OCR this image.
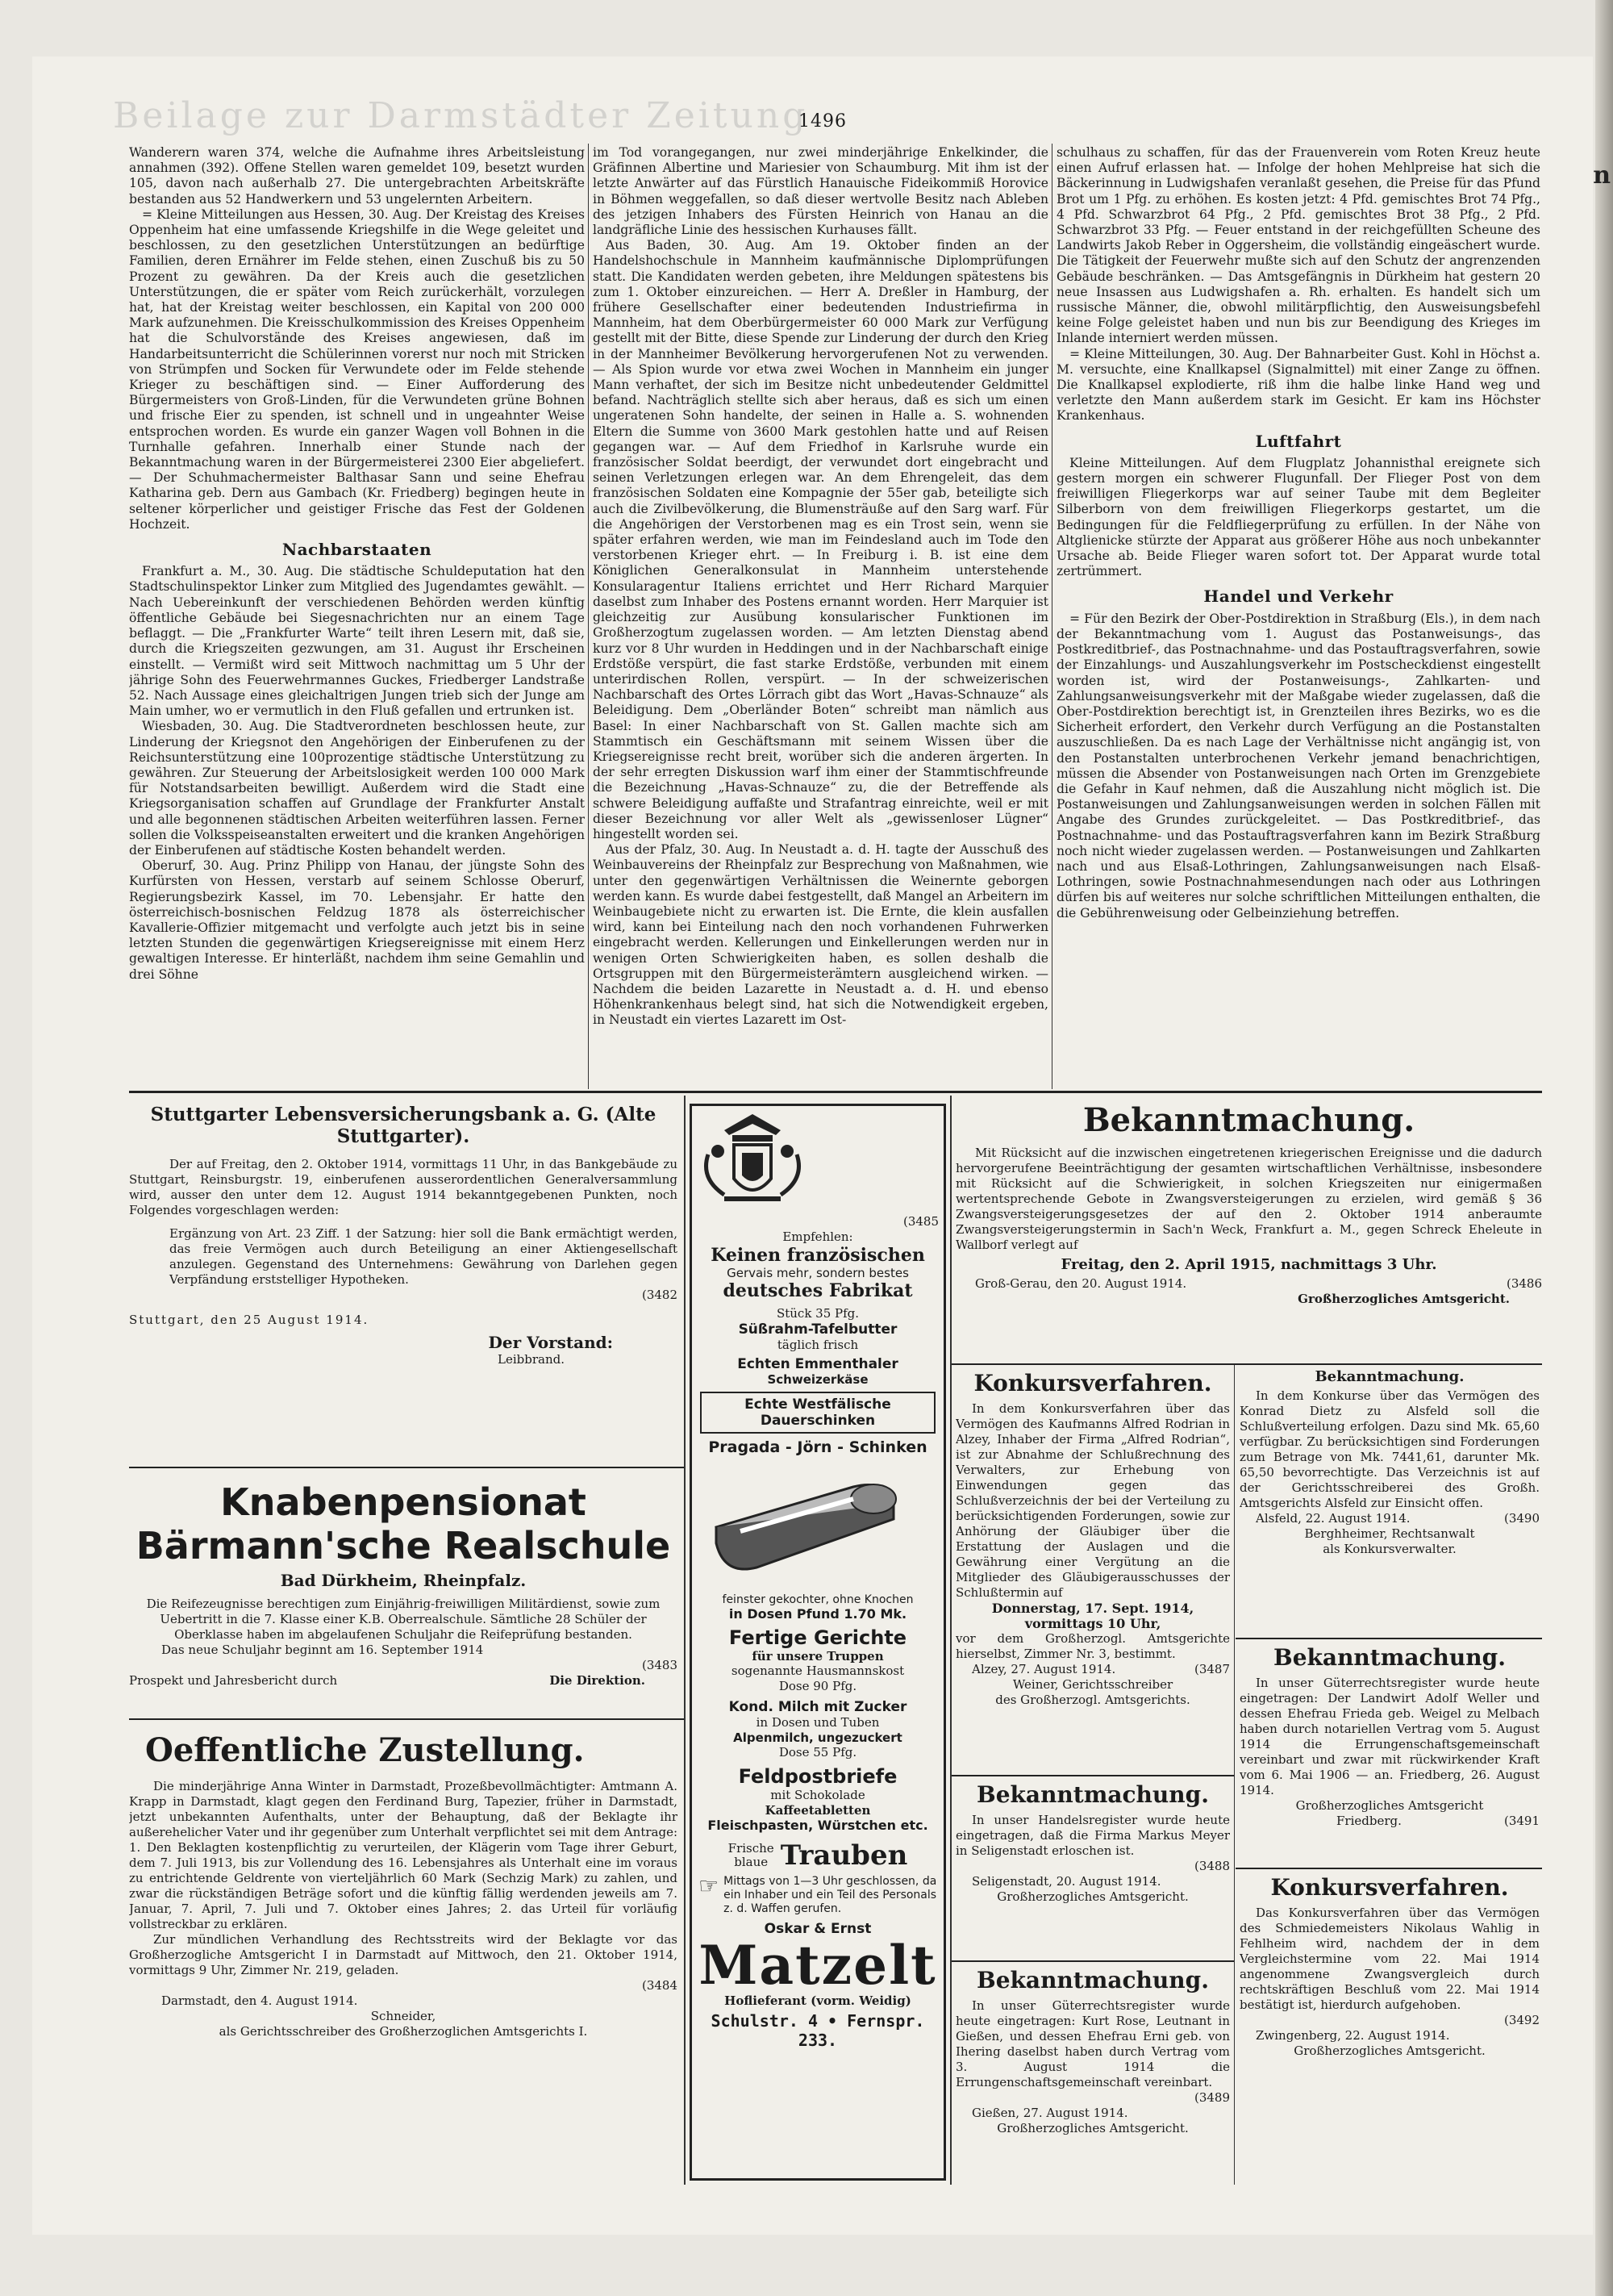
Beilage zur Darmstädter Zeitung
n
1496

Wanderern waren 374, welche die Aufnahme ihres Arbeitsleistung annahmen (392). Offene Stellen waren gemeldet 109, besetzt wurden 105, davon nach außerhalb 27. Die untergebrachten Arbeitskräfte bestanden aus 52 Handwerkern und 53 ungelernten Arbeitern.

= Kleine Mitteilungen aus Hessen, 30. Aug. Der Kreistag des Kreises Oppenheim hat eine umfassende Kriegshilfe in die Wege geleitet und beschlossen, zu den gesetzlichen Unterstützungen an bedürftige Familien, deren Ernährer im Felde stehen, einen Zuschuß bis zu 50 Prozent zu gewähren. Da der Kreis auch die gesetzlichen Unterstützungen, die er später vom Reich zurückerhält, vorzulegen hat, hat der Kreistag weiter beschlossen, ein Kapital von 200 000 Mark aufzunehmen. Die Kreisschulkommission des Kreises Oppenheim hat die Schulvorstände des Kreises angewiesen, daß im Handarbeitsunterricht die Schülerinnen vorerst nur noch mit Stricken von Strümpfen und Socken für Verwundete oder im Felde stehende Krieger zu beschäftigen sind. — Einer Aufforderung des Bürgermeisters von Groß-Linden, für die Verwundeten grüne Bohnen und frische Eier zu spenden, ist schnell und in ungeahnter Weise entsprochen worden. Es wurde ein ganzer Wagen voll Bohnen in die Turnhalle gefahren. Innerhalb einer Stunde nach der Bekanntmachung waren in der Bürgermeisterei 2300 Eier abgeliefert. — Der Schuhmachermeister Balthasar Sann und seine Ehefrau Katharina geb. Dern aus Gambach (Kr. Friedberg) begingen heute in seltener körperlicher und geistiger Frische das Fest der Goldenen Hochzeit.

Nachbarstaaten

Frankfurt a. M., 30. Aug. Die städtische Schuldeputation hat den Stadtschulinspektor Linker zum Mitglied des Jugendamtes gewählt. — Nach Uebereinkunft der verschiedenen Behörden werden künftig öffentliche Gebäude bei Siegesnachrichten nur an einem Tage beflaggt. — Die „Frankfurter Warte“ teilt ihren Lesern mit, daß sie, durch die Kriegszeiten gezwungen, am 31. August ihr Erscheinen einstellt. — Vermißt wird seit Mittwoch nachmittag um 5 Uhr der jährige Sohn des Feuerwehrmannes Guckes, Friedberger Landstraße 52. Nach Aussage eines gleichaltrigen Jungen trieb sich der Junge am Main umher, wo er vermutlich in den Fluß gefallen und ertrunken ist.

Wiesbaden, 30. Aug. Die Stadtverordneten beschlossen heute, zur Linderung der Kriegsnot den Angehörigen der Einberufenen zu der Reichsunterstützung eine 100prozentige städtische Unterstützung zu gewähren. Zur Steuerung der Arbeitslosigkeit werden 100 000 Mark für Notstandsarbeiten bewilligt. Außerdem wird die Stadt eine Kriegsorganisation schaffen auf Grundlage der Frankfurter Anstalt und alle begonnenen städtischen Arbeiten weiterführen lassen. Ferner sollen die Volksspeiseanstalten erweitert und die kranken Angehörigen der Einberufenen auf städtische Kosten behandelt werden.

Oberurf, 30. Aug. Prinz Philipp von Hanau, der jüngste Sohn des Kurfürsten von Hessen, verstarb auf seinem Schlosse Oberurf, Regierungsbezirk Kassel, im 70. Lebensjahr. Er hatte den österreichisch-bosnischen Feldzug 1878 als österreichischer Kavallerie-Offizier mitgemacht und verfolgte auch jetzt bis in seine letzten Stunden die gegenwärtigen Kriegsereignisse mit einem Herz gewaltigen Interesse. Er hinterläßt, nachdem ihm seine Gemahlin und drei Söhne

im Tod vorangegangen, nur zwei minderjährige Enkelkinder, die Gräfinnen Albertine und Mariesier von Schaumburg. Mit ihm ist der letzte Anwärter auf das Fürstlich Hanauische Fideikommiß Horovice in Böhmen weggefallen, so daß dieser wertvolle Besitz nach Ableben des jetzigen Inhabers des Fürsten Heinrich von Hanau an die landgräfliche Linie des hessischen Kurhauses fällt.

Aus Baden, 30. Aug. Am 19. Oktober finden an der Handelshochschule in Mannheim kaufmännische Diplomprüfungen statt. Die Kandidaten werden gebeten, ihre Meldungen spätestens bis zum 1. Oktober einzureichen. — Herr A. Dreßler in Hamburg, der frühere Gesellschafter einer bedeutenden Industriefirma in Mannheim, hat dem Oberbürgermeister 60 000 Mark zur Verfügung gestellt mit der Bitte, diese Spende zur Linderung der durch den Krieg in der Mannheimer Bevölkerung hervorgerufenen Not zu verwenden. — Als Spion wurde vor etwa zwei Wochen in Mannheim ein junger Mann verhaftet, der sich im Besitze nicht unbedeutender Geldmittel befand. Nachträglich stellte sich aber heraus, daß es sich um einen ungeratenen Sohn handelte, der seinen in Halle a. S. wohnenden Eltern die Summe von 3600 Mark gestohlen hatte und auf Reisen gegangen war. — Auf dem Friedhof in Karlsruhe wurde ein französischer Soldat beerdigt, der verwundet dort eingebracht und seinen Verletzungen erlegen war. An dem Ehrengeleit, das dem französischen Soldaten eine Kompagnie der 55er gab, beteiligte sich auch die Zivilbevölkerung, die Blumensträuße auf den Sarg warf. Für die Angehörigen der Verstorbenen mag es ein Trost sein, wenn sie später erfahren werden, wie man im Feindesland auch im Tode den verstorbenen Krieger ehrt. — In Freiburg i. B. ist eine dem Königlichen Generalkonsulat in Mannheim unterstehende Konsularagentur Italiens errichtet und Herr Richard Marquier daselbst zum Inhaber des Postens ernannt worden. Herr Marquier ist gleichzeitig zur Ausübung konsularischer Funktionen im Großherzogtum zugelassen worden. — Am letzten Dienstag abend kurz vor 8 Uhr wurden in Heddingen und in der Nachbarschaft einige Erdstöße verspürt, die fast starke Erdstöße, verbunden mit einem unterirdischen Rollen, verspürt. — In der schweizerischen Nachbarschaft des Ortes Lörrach gibt das Wort „Havas-Schnauze“ als Beleidigung. Dem „Oberländer Boten“ schreibt man nämlich aus Basel: In einer Nachbarschaft von St. Gallen machte sich am Stammtisch ein Geschäftsmann mit seinem Wissen über die Kriegsereignisse recht breit, worüber sich die anderen ärgerten. In der sehr erregten Diskussion warf ihm einer der Stammtischfreunde die Bezeichnung „Havas-Schnauze“ zu, die der Betreffende als schwere Beleidigung auffaßte und Strafantrag einreichte, weil er mit dieser Bezeichnung vor aller Welt als „gewissenloser Lügner“ hingestellt worden sei.

Aus der Pfalz, 30. Aug. In Neustadt a. d. H. tagte der Ausschuß des Weinbauvereins der Rheinpfalz zur Besprechung von Maßnahmen, wie unter den gegenwärtigen Verhältnissen die Weinernte geborgen werden kann. Es wurde dabei festgestellt, daß Mangel an Arbeitern im Weinbaugebiete nicht zu erwarten ist. Die Ernte, die klein ausfallen wird, kann bei Einteilung nach den noch vorhandenen Fuhrwerken eingebracht werden. Kellerungen und Einkellerungen werden nur in wenigen Orten Schwierigkeiten haben, es sollen deshalb die Ortsgruppen mit den Bürgermeisterämtern ausgleichend wirken. — Nachdem die beiden Lazarette in Neustadt a. d. H. und ebenso Höhenkrankenhaus belegt sind, hat sich die Notwendigkeit ergeben, in Neustadt ein viertes Lazarett im Ost-

schulhaus zu schaffen, für das der Frauenverein vom Roten Kreuz heute einen Aufruf erlassen hat. — Infolge der hohen Mehlpreise hat sich die Bäckerinnung in Ludwigshafen veranlaßt gesehen, die Preise für das Pfund Brot um 1 Pfg. zu erhöhen. Es kosten jetzt: 4 Pfd. gemischtes Brot 74 Pfg., 4 Pfd. Schwarzbrot 64 Pfg., 2 Pfd. gemischtes Brot 38 Pfg., 2 Pfd. Schwarzbrot 33 Pfg. — Feuer entstand in der reichgefüllten Scheune des Landwirts Jakob Reber in Oggersheim, die vollständig eingeäschert wurde. Die Tätigkeit der Feuerwehr mußte sich auf den Schutz der angrenzenden Gebäude beschränken. — Das Amtsgefängnis in Dürkheim hat gestern 20 neue Insassen aus Ludwigshafen a. Rh. erhalten. Es handelt sich um russische Männer, die, obwohl militärpflichtig, den Ausweisungsbefehl keine Folge geleistet haben und nun bis zur Beendigung des Krieges im Inlande interniert werden müssen.

= Kleine Mitteilungen, 30. Aug. Der Bahnarbeiter Gust. Kohl in Höchst a. M. versuchte, eine Knallkapsel (Signalmittel) mit einer Zange zu öffnen. Die Knallkapsel explodierte, riß ihm die halbe linke Hand weg und verletzte den Mann außerdem stark im Gesicht. Er kam ins Höchster Krankenhaus.

Luftfahrt

Kleine Mitteilungen. Auf dem Flugplatz Johannisthal ereignete sich gestern morgen ein schwerer Flugunfall. Der Flieger Post von dem freiwilligen Fliegerkorps war auf seiner Taube mit dem Begleiter Silberborn von dem freiwilligen Fliegerkorps gestartet, um die Bedingungen für die Feldfliegerprüfung zu erfüllen. In der Nähe von Altglienicke stürzte der Apparat aus größerer Höhe aus noch unbekannter Ursache ab. Beide Flieger waren sofort tot. Der Apparat wurde total zertrümmert.

Handel und Verkehr

= Für den Bezirk der Ober-Postdirektion in Straßburg (Els.), in dem nach der Bekanntmachung vom 1. August das Postanweisungs-, das Postkreditbrief-, das Postnachnahme- und das Postauftragsverfahren, sowie der Einzahlungs- und Auszahlungsverkehr im Postscheckdienst eingestellt worden ist, wird der Postanweisungs-, Zahlkarten- und Zahlungsanweisungsverkehr mit der Maßgabe wieder zugelassen, daß die Ober-Postdirektion berechtigt ist, in Grenzteilen ihres Bezirks, wo es die Sicherheit erfordert, den Verkehr durch Verfügung an die Postanstalten auszuschließen. Da es nach Lage der Verhältnisse nicht angängig ist, von den Postanstalten unterbrochenen Verkehr jemand benachrichtigen, müssen die Absender von Postanweisungen nach Orten im Grenzgebiete die Gefahr in Kauf nehmen, daß die Auszahlung nicht möglich ist. Die Postanweisungen und Zahlungsanweisungen werden in solchen Fällen mit Angabe des Grundes zurückgeleitet. — Das Postkreditbrief-, das Postnachnahme- und das Postauftragsverfahren kann im Bezirk Straßburg noch nicht wieder zugelassen werden. — Postanweisungen und Zahlkarten nach und aus Elsaß-Lothringen, Zahlungsanweisungen nach Elsaß-Lothringen, sowie Postnachnahmesendungen nach oder aus Lothringen dürfen bis auf weiteres nur solche schriftlichen Mitteilungen enthalten, die die Gebührenweisung oder Gelbeinziehung betreffen.

Stuttgarter Lebensversicherungsbank a. G. (Alte Stuttgarter).

Der auf Freitag, den 2. Oktober 1914, vormittags 11 Uhr, in das Bankgebäude zu Stuttgart, Reinsburgstr. 19, einberufenen ausserordentlichen Generalversammlung wird, ausser den unter dem 12. August 1914 bekanntgegebenen Punkten, noch Folgendes vorgeschlagen werden:

Ergänzung von Art. 23 Ziff. 1 der Satzung: hier soll die Bank ermächtigt werden, das freie Vermögen auch durch Beteiligung an einer Aktiengesellschaft anzulegen. Gegenstand des Unternehmens: Gewährung von Darlehen gegen Verpfändung erststelliger Hypotheken.

(3482
Stuttgart, den 25 August 1914.
Der Vorstand:
Leibbrand.
Knabenpensionat
Bärmann'sche Realschule
Bad Dürkheim, Rheinpfalz.

Die Reifezeugnisse berechtigen zum Einjährig-freiwilligen Militärdienst, sowie zum Uebertritt in die 7. Klasse einer K.B. Oberrealschule. Sämtliche 28 Schüler der Oberklasse haben im abgelaufenen Schuljahr die Reifeprüfung bestanden.

Das neue Schuljahr beginnt am 16. September 1914
(3483
Prospekt und Jahresbericht durch	Die Direktion.
Oeffentliche Zustellung.

Die minderjährige Anna Winter in Darmstadt, Prozeßbevollmächtigter: Amtmann A. Krapp in Darmstadt, klagt gegen den Ferdinand Burg, Tapezier, früher in Darmstadt, jetzt unbekannten Aufenthalts, unter der Behauptung, daß der Beklagte ihr außerehelicher Vater und ihr gegenüber zum Unterhalt verpflichtet sei mit dem Antrage: 1. Den Beklagten kostenpflichtig zu verurteilen, der Klägerin vom Tage ihrer Geburt, dem 7. Juli 1913, bis zur Vollendung des 16. Lebensjahres als Unterhalt eine im voraus zu entrichtende Geldrente von vierteljährlich 60 Mark (Sechzig Mark) zu zahlen, und zwar die rückständigen Beträge sofort und die künftig fällig werdenden jeweils am 7. Januar, 7. April, 7. Juli und 7. Oktober eines Jahres; 2. das Urteil für vorläufig vollstreckbar zu erklären.

Zur mündlichen Verhandlung des Rechtsstreits wird der Beklagte vor das Großherzogliche Amtsgericht I in Darmstadt auf Mittwoch, den 21. Oktober 1914, vormittags 9 Uhr, Zimmer Nr. 219, geladen.

(3484
Darmstadt, den 4. August 1914.
Schneider,
als Gerichtsschreiber des Großherzoglichen Amtsgerichts I.
(3485
Empfehlen:
Keinen französischen
Gervais mehr, sondern bestes
deutsches Fabrikat
Stück 35 Pfg.
Süßrahm-Tafelbutter
täglich frisch
Echten Emmenthaler
Schweizerkäse
Echte Westfälische
Dauerschinken
Pragada - Jörn - Schinken
feinster gekochter, ohne Knochen
in Dosen Pfund 1.70 Mk.
Fertige Gerichte
für unsere Truppen
sogenannte Hausmannskost
Dose 90 Pfg.
Kond. Milch mit Zucker
in Dosen und Tuben
Alpenmilch, ungezuckert
Dose 55 Pfg.
Feldpostbriefe
mit Schokolade
Kaffeetabletten
Fleischpasten, Würstchen etc.
Frische
blaue Trauben
☞ Mittags von 1—3 Uhr geschlossen, da ein Inhaber und ein Teil des Personals z. d. Waffen gerufen.
Oskar & Ernst
Matzelt
Hoflieferant (vorm. Weidig)
Schulstr. 4 • Fernspr. 233.
Bekanntmachung.

Mit Rücksicht auf die inzwischen eingetretenen kriegerischen Ereignisse und die dadurch hervorgerufene Beeinträchtigung der gesamten wirtschaftlichen Verhältnisse, insbesondere mit Rücksicht auf die Schwierigkeit, in solchen Kriegszeiten nur einigermaßen wertentsprechende Gebote in Zwangsversteigerungen zu erzielen, wird gemäß § 36 Zwangsversteigerungsgesetzes der auf den 2. Oktober 1914 anberaumte Zwangsversteigerungstermin in Sach'n Weck, Frankfurt a. M., gegen Schreck Eheleute in Wallborf verlegt auf

Freitag, den 2. April 1915, nachmittags 3 Uhr.
Groß-Gerau, den 20. August 1914.	(3486
Großherzogliches Amtsgericht.
Konkursverfahren.

In dem Konkursverfahren über das Vermögen des Kaufmanns Alfred Rodrian in Alzey, Inhaber der Firma „Alfred Rodrian“, ist zur Abnahme der Schlußrechnung des Verwalters, zur Erhebung von Einwendungen gegen das Schlußverzeichnis der bei der Verteilung zu berücksichtigenden Forderungen, sowie zur Anhörung der Gläubiger über die Erstattung der Auslagen und die Gewährung einer Vergütung an die Mitglieder des Gläubigerausschusses der Schlußtermin auf

Donnerstag, 17. Sept. 1914, vormittags 10 Uhr,

vor dem Großherzogl. Amtsgerichte hierselbst, Zimmer Nr. 3, bestimmt.

Alzey, 27. August 1914.	(3487
Weiner, Gerichtsschreiber
des Großherzogl. Amtsgerichts.
Bekanntmachung.

In unser Handelsregister wurde heute eingetragen, daß die Firma Markus Meyer in Seligenstadt erloschen ist.

(3488
Seligenstadt, 20. August 1914.
Großherzogliches Amtsgericht.
Bekanntmachung.

In unser Güterrechtsregister wurde heute eingetragen: Kurt Rose, Leutnant in Gießen, und dessen Ehefrau Erni geb. von Ihering daselbst haben durch Vertrag vom 3. August 1914 die Errungenschaftsgemeinschaft vereinbart.

(3489
Gießen, 27. August 1914.
Großherzogliches Amtsgericht.
Bekanntmachung.

In dem Konkurse über das Vermögen des Konrad Dietz zu Alsfeld soll die Schlußverteilung erfolgen. Dazu sind Mk. 65,60 verfügbar. Zu berücksichtigen sind Forderungen zum Betrage von Mk. 7441,61, darunter Mk. 65,50 bevorrechtigte. Das Verzeichnis ist auf der Gerichtsschreiberei des Großh. Amtsgerichts Alsfeld zur Einsicht offen.

Alsfeld, 22. August 1914.	(3490
Berghheimer, Rechtsanwalt
als Konkursverwalter.
Bekanntmachung.

In unser Güterrechtsregister wurde heute eingetragen: Der Landwirt Adolf Weller und dessen Ehefrau Frieda geb. Weigel zu Melbach haben durch notariellen Vertrag vom 5. August 1914 die Errungenschaftsgemeinschaft vereinbart und zwar mit rückwirkender Kraft vom 6. Mai 1906 — an. Friedberg, 26. August 1914.

Großherzogliches Amtsgericht
Friedberg.	(3491
Konkursverfahren.

Das Konkursverfahren über das Vermögen des Schmiedemeisters Nikolaus Wahlig in Fehlheim wird, nachdem der in dem Vergleichstermine vom 22. Mai 1914 angenommene Zwangsvergleich durch rechtskräftigen Beschluß vom 22. Mai 1914 bestätigt ist, hierdurch aufgehoben.

(3492
Zwingenberg, 22. August 1914.
Großherzogliches Amtsgericht.
